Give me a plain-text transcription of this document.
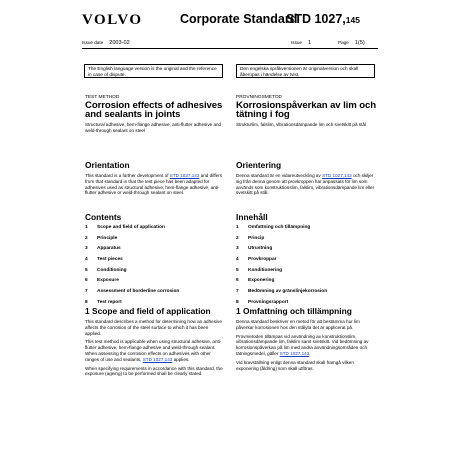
VOLVO	Corporate Standard
STD 1027,145
Issue date 2003-02	Issue 1	Page 1(5)
The English language version is the original and the reference in case of dispute.
Den engelska språkversionen är originalversion och skall åberopas i händelse av tvist.

TEST METHOD

Corrosion effects of adhesives and sealants in joints

Structural adhesive, hem-flange adhesive, anti-flutter adhesive and weld-through sealant on steel

Orientation

This standard is a further development of STD 1027,143 and differs from that standard in that the test piece has been adapted for adhesives used as structural adhesive, hem-flange adhesive, anti-flutter adhesive or weld-through sealant on steel.

Contents
1 Scope and field of application
2 Principle
3 Apparatus
4 Test pieces
5 Conditioning
6 Exposure
7 Assessment of borderline corrosion
8 Test report
1 Scope and field of application

This standard describes a method for determining how an adhesive affects the corrosion of the steel surface to which it has been applied.

This test method is applicable when using structural adhesive, anti-flutter adhesive, hem-flange adhesive and weld-through sealant. When assessing the corrosion effects on adhesives with other ranges of use and sealants, STD 1027,143 applies.

When specifying requirements in accordance with this standard, the exposure (ageing) to be performed shall be clearly stated.

PROVNINGSMETOD

Korrosionspåverkan av lim och tätning i fog

Strukturlim, falslim, vibrationsdämpande lim och svetskitt på stål

Orientering

Denna standard är en vidareutveckling av STD 1027,143 och skiljer sig från denna genom att provkroppen har anpassats för lim som används som konstruktionslim, falslim, vibrationsdämpande lim eller svetskitt på stål.

Innehåll
1 Omfattning och tillämpning
2 Princip
3 Utrustning
4 Provkroppar
5 Konditionering
6 Exponering
7 Bedömning av gränslinjekorrosion
8 Provningsrapport
1 Omfattning och tillämpning

Denna standard beskriver en metod för att bestämma hur lim påverkar korrosionen hos den stålyta det är applicerat på.

Provmetoden tillämpas vid användning av konstruktionslim, vibrationsdämpande lim, falslim samt svetskitt. Vid bedömning av korrosionspåverkan på lim med andra användningsområden och tätningsmedel, gäller STD 1027,143.

Vid kravställning enligt denna standard skall framgå vilken exponering (åldring) som skall utföras.
